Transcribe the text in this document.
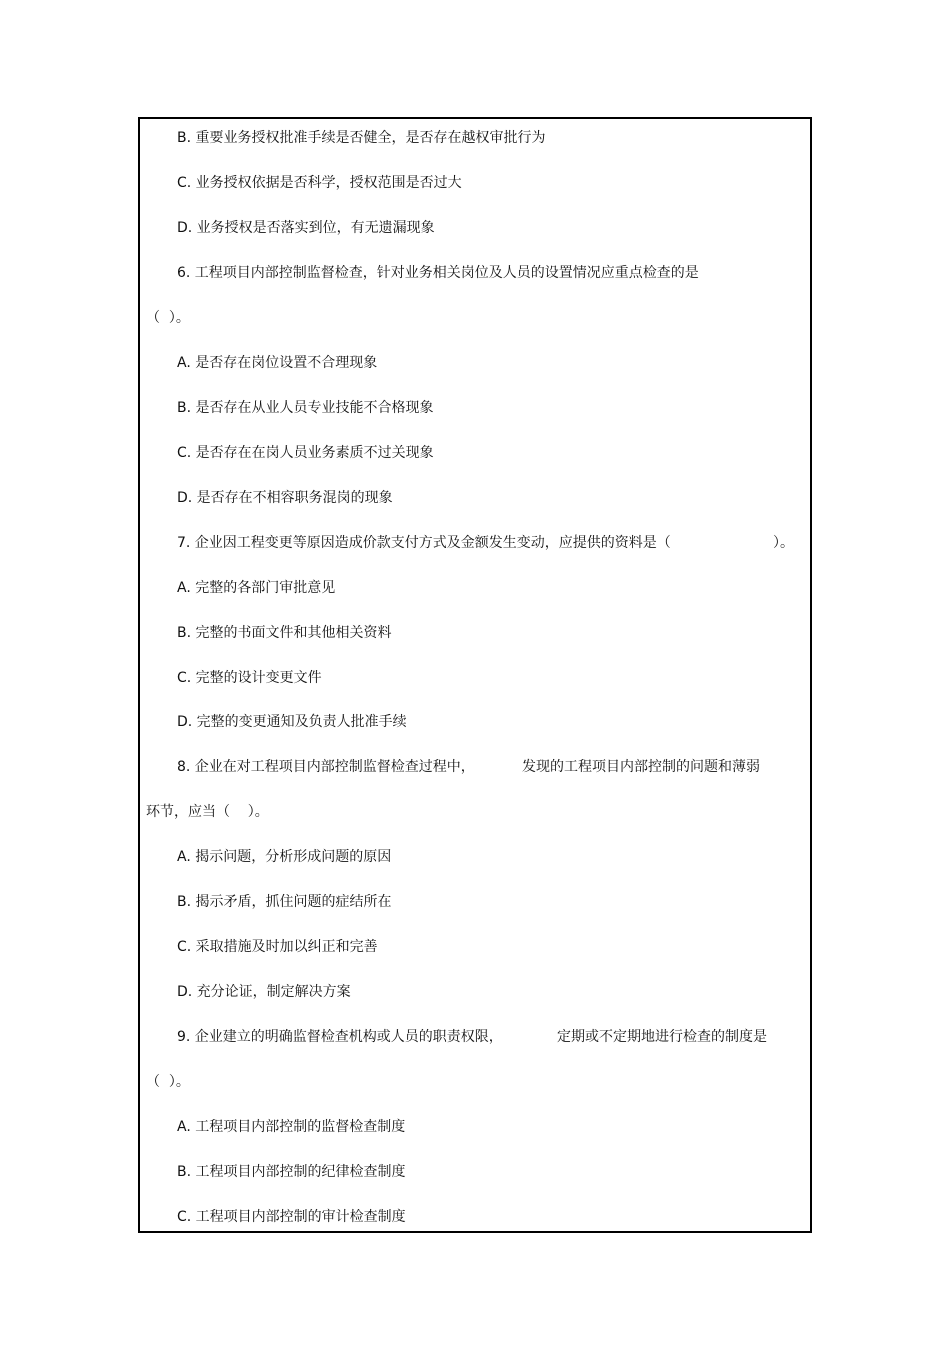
B. 重要业务授权批准手续是否健全，是否存在越权审批行为
C. 业务授权依据是否科学，授权范围是否过大
D. 业务授权是否落实到位，有无遗漏现象
6. 工程项目内部控制监督检查，针对业务相关岗位及人员的设置情况应重点检查的是
（  ）。
A. 是否存在岗位设置不合理现象
B. 是否存在从业人员专业技能不合格现象
C. 是否存在在岗人员业务素质不过关现象
D. 是否存在不相容职务混岗的现象
7. 企业因工程变更等原因造成价款支付方式及金额发生变动，应提供的资料是（	）。
A. 完整的各部门审批意见
B. 完整的书面文件和其他相关资料
C. 完整的设计变更文件
D. 完整的变更通知及负责人批准手续
8. 企业在对工程项目内部控制监督检查过程中，	发现的工程项目内部控制的问题和薄弱
环节，应当（    ）。
A. 揭示问题，分析形成问题的原因
B. 揭示矛盾，抓住问题的症结所在
C. 采取措施及时加以纠正和完善
D. 充分论证，制定解决方案
9. 企业建立的明确监督检查机构或人员的职责权限，	定期或不定期地进行检查的制度是
（  ）。
A. 工程项目内部控制的监督检查制度
B. 工程项目内部控制的纪律检查制度
C. 工程项目内部控制的审计检查制度
